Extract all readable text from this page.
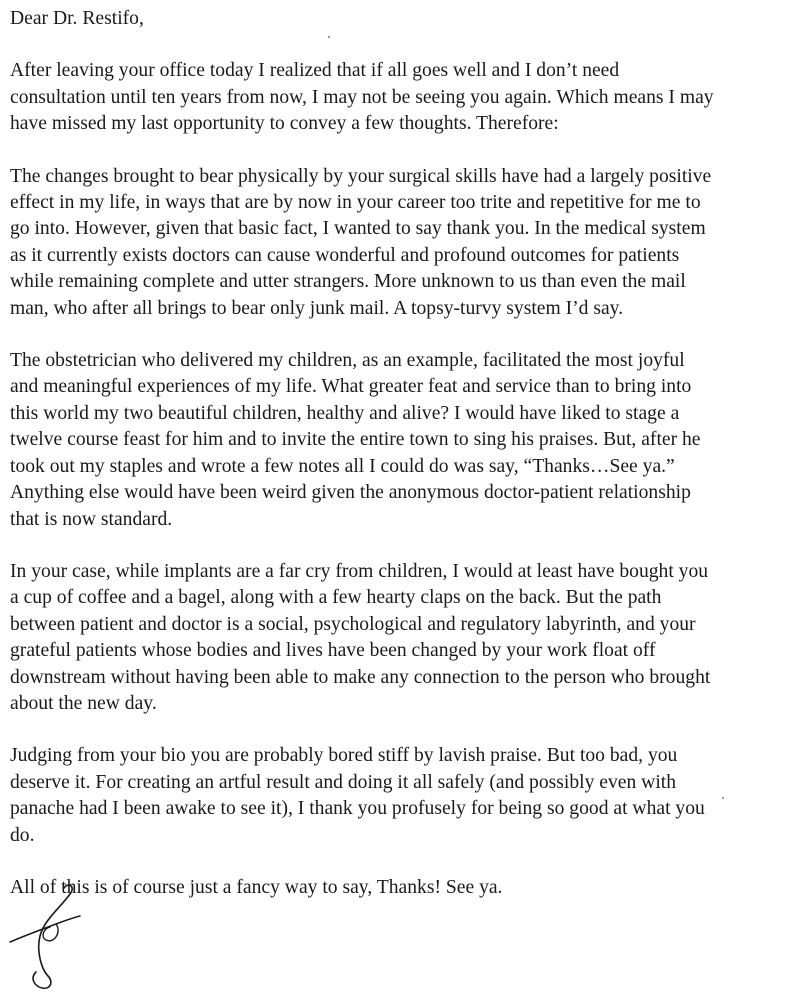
Dear Dr. Restifo,

After leaving your office today I realized that if all goes well and I don’t need
consultation until ten years from now, I may not be seeing you again. Which means I may
have missed my last opportunity to convey a few thoughts. Therefore:

The changes brought to bear physically by your surgical skills have had a largely positive
effect in my life, in ways that are by now in your career too trite and repetitive for me to
go into. However, given that basic fact, I wanted to say thank you. In the medical system
as it currently exists doctors can cause wonderful and profound outcomes for patients
while remaining complete and utter strangers. More unknown to us than even the mail
man, who after all brings to bear only junk mail. A topsy-turvy system I’d say.

The obstetrician who delivered my children, as an example, facilitated the most joyful
and meaningful experiences of my life. What greater feat and service than to bring into
this world my two beautiful children, healthy and alive? I would have liked to stage a
twelve course feast for him and to invite the entire town to sing his praises. But, after he
took out my staples and wrote a few notes all I could do was say, “Thanks…See ya.”
Anything else would have been weird given the anonymous doctor-patient relationship
that is now standard.

In your case, while implants are a far cry from children, I would at least have bought you
a cup of coffee and a bagel, along with a few hearty claps on the back. But the path
between patient and doctor is a social, psychological and regulatory labyrinth, and your
grateful patients whose bodies and lives have been changed by your work float off
downstream without having been able to make any connection to the person who brought
about the new day.

Judging from your bio you are probably bored stiff by lavish praise. But too bad, you
deserve it. For creating an artful result and doing it all safely (and possibly even with
panache had I been awake to see it), I thank you profusely for being so good at what you
do.

All of this is of course just a fancy way to say, Thanks! See ya.
